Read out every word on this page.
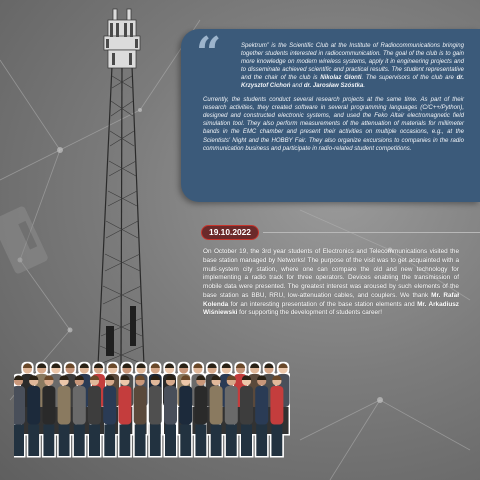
“	Spektrum” is the Scientific Club at the Institute of Radiocommunications bringing together students interested in radiocommunication. The goal of the club is to gain more knowledge on modern wireless systems, apply it in engineering projects and to disseminate achieved scientific and practical results. The student representative and the chair of the club is Nikolaz Glonti. The supervisors of the club are dr. Krzysztof Cichoń and dr. Jarosław Szóstka.

Currently, the students conduct several research projects at the same time. As part of their research activities, they created software in several programming languages (C/C++/Python), designed and constructed electronic systems, and used the Feko Altair electromagnetic field simulation tool. They also perform measurements of the attenuation of materials for millimeter bands in the EMC chamber and present their activities on multiple occasions, e.g., at the Scientists' Night and the HOBBY Fair. They also organize excursions to companies in the radio communication business and participate in radio-related student competitions.

19.10.2022

On October 19, the 3rd year students of Electronics and Telecommunications visited the base station managed by Networks! The purpose of the visit was to get acquainted with a multi-system city station, where one can compare the old and new technology for implementing a radio track for three operators. Devices enabling the transmission of mobile data were presented. The greatest interest was aroused by such elements of the base station as BBU, RRU, low-attenuation cables, and couplers. We thank Mr. Rafał Kolenda for an interesting presentation of the base station elements and Mr. Arkadiusz Wiśniewski for supporting the development of students career!
